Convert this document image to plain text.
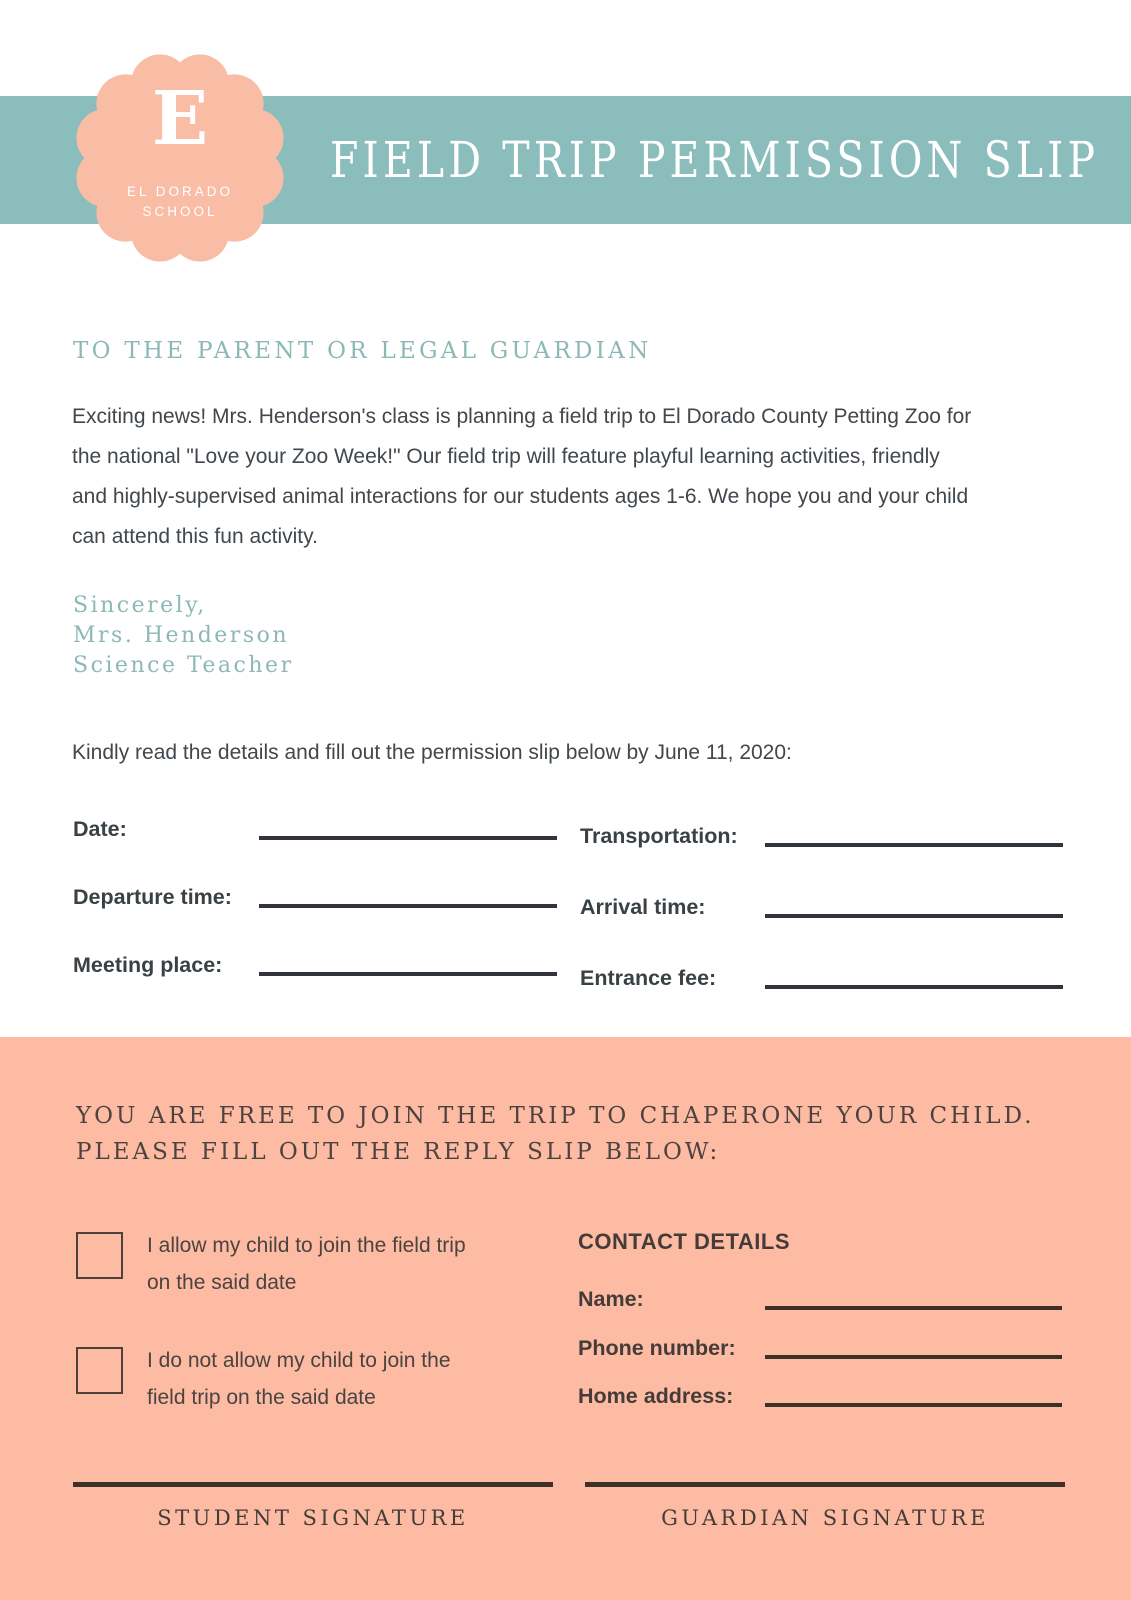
FIELD TRIP PERMISSION SLIP
E
EL DORADO
SCHOOL
TO THE PARENT OR LEGAL GUARDIAN
Exciting news! Mrs. Henderson's class is planning a field trip to El Dorado County Petting Zoo for
the national "Love your Zoo Week!" Our field trip will feature playful learning activities, friendly
and highly-supervised animal interactions for our students ages 1-6. We hope you and your child
can attend this fun activity.
Sincerely,
Mrs. Henderson
Science Teacher
Kindly read the details and fill out the permission slip below by June 11, 2020:
Date:
Departure time:
Meeting place:
Transportation:
Arrival time:
Entrance fee:
YOU ARE FREE TO JOIN THE TRIP TO CHAPERONE YOUR CHILD.
PLEASE FILL OUT THE REPLY SLIP BELOW:
I allow my child to join the field trip on the said date
I do not allow my child to join the field trip on the said date
CONTACT DETAILS
Name:
Phone number:
Home address:
STUDENT SIGNATURE	GUARDIAN SIGNATURE
